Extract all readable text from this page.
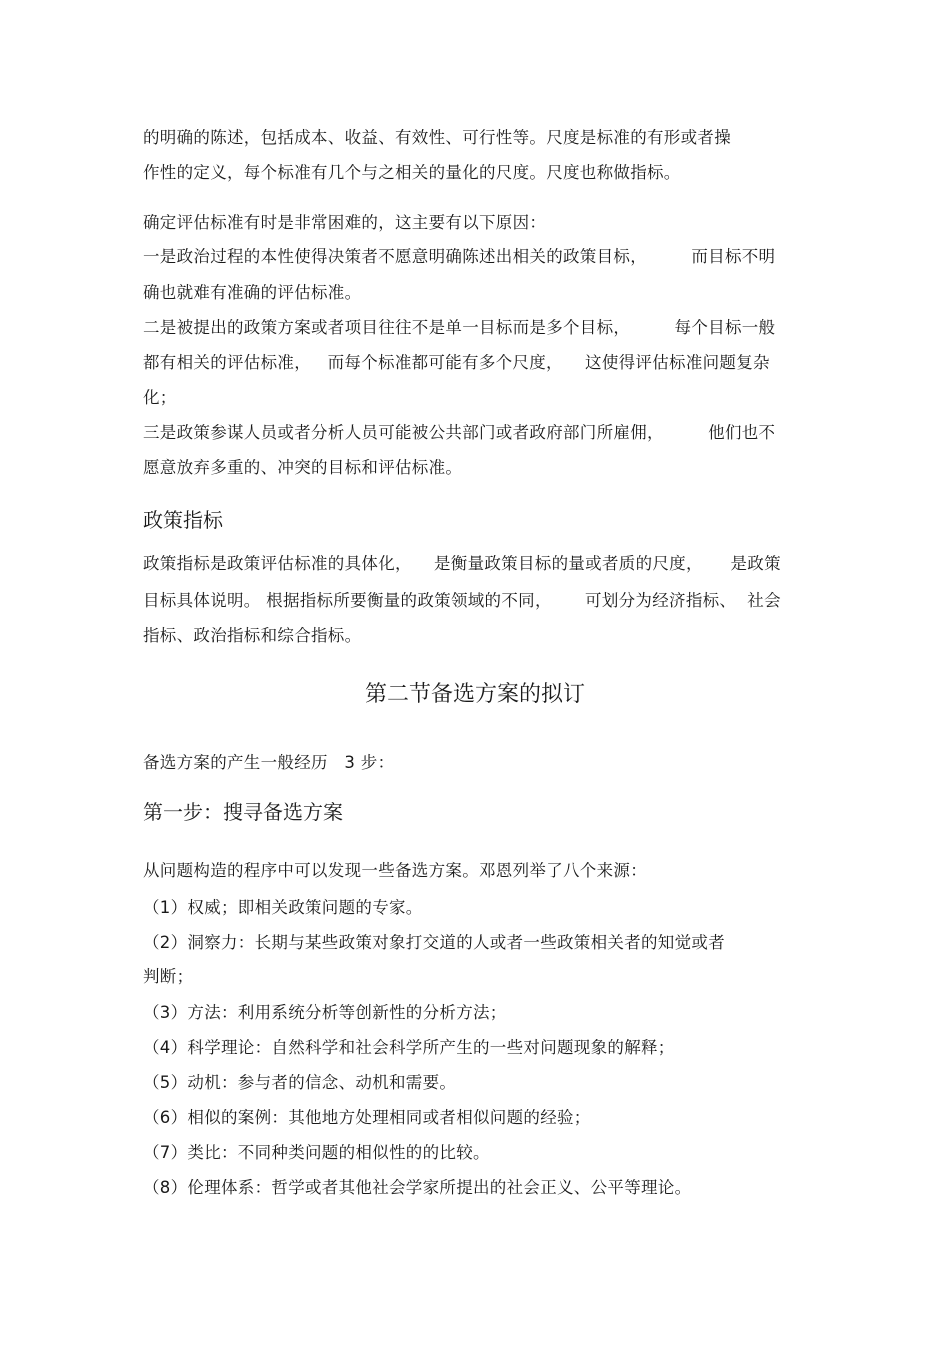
的明确的陈述，包括成本、收益、有效性、可行性等。尺度是标准的有形或者操
作性的定义，每个标准有几个与之相关的量化的尺度。尺度也称做指标。
确定评估标准有时是非常困难的，这主要有以下原因：
一是政治过程的本性使得决策者不愿意明确陈述出相关的政策目标，        而目标不明
确也就难有准确的评估标准。
二是被提出的政策方案或者项目往往不是单一目标而是多个目标，        每个目标一般
都有相关的评估标准，   而每个标准都可能有多个尺度，    这使得评估标准问题复杂
化；
三是政策参谋人员或者分析人员可能被公共部门或者政府部门所雇佣，        他们也不
愿意放弃多重的、冲突的目标和评估标准。
政策指标
政策指标是政策评估标准的具体化，    是衡量政策目标的量或者质的尺度，     是政策
目标具体说明。 根据指标所要衡量的政策领域的不同，      可划分为经济指标、  社会
指标、政治指标和综合指标。
第二节备选方案的拟订
备选方案的产生一般经历   3 步：
第一步：搜寻备选方案
从问题构造的程序中可以发现一些备选方案。邓恩列举了八个来源：
（1）权威；即相关政策问题的专家。
（2）洞察力：长期与某些政策对象打交道的人或者一些政策相关者的知觉或者
判断；
（3）方法：利用系统分析等创新性的分析方法；
（4）科学理论：自然科学和社会科学所产生的一些对问题现象的解释；
（5）动机：参与者的信念、动机和需要。
（6）相似的案例：其他地方处理相同或者相似问题的经验；
（7）类比：不同种类问题的相似性的的比较。
（8）伦理体系：哲学或者其他社会学家所提出的社会正义、公平等理论。
